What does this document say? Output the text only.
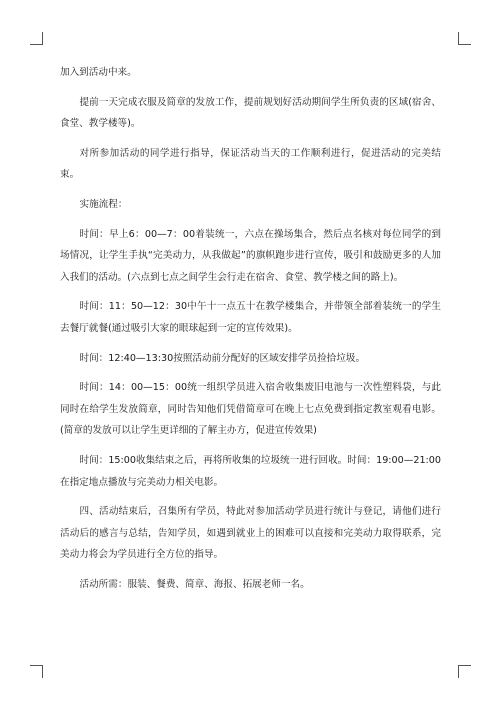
加入到活动中来。

提前一天完成衣服及简章的发放工作，提前规划好活动期间学生所负责的区域(宿舍、食堂、教学楼等)。

对所参加活动的同学进行指导，保证活动当天的工作顺利进行，促进活动的完美结束。

实施流程：

时间：早上6：00—7：00着装统一，六点在操场集合，然后点名核对每位同学的到场情况，让学生手执“完美动力，从我做起”的旗帜跑步进行宣传，吸引和鼓励更多的人加入我们的活动。(六点到七点之间学生会行走在宿舍、食堂、教学楼之间的路上)。

时间：11：50—12：30中午十一点五十在教学楼集合，并带领全部着装统一的学生去餐厅就餐(通过吸引大家的眼球起到一定的宣传效果)。

时间：12:40—13:30按照活动前分配好的区域安排学员捡拾垃圾。

时间：14：00—15：00统一组织学员进入宿舍收集废旧电池与一次性塑料袋，与此同时在给学生发放简章，同时告知他们凭借简章可在晚上七点免费到指定教室观看电影。(简章的发放可以让学生更详细的了解主办方，促进宣传效果)

时间：15:00收集结束之后，再将所收集的垃圾统一进行回收。时间：19:00—21:00在指定地点播放与完美动力相关电影。

四、活动结束后，召集所有学员，特此对参加活动学员进行统计与登记，请他们进行活动后的感言与总结，告知学员，如遇到就业上的困难可以直接和完美动力取得联系，完美动力将会为学员进行全方位的指导。

活动所需：服装、餐费、简章、海报、拓展老师一名。
